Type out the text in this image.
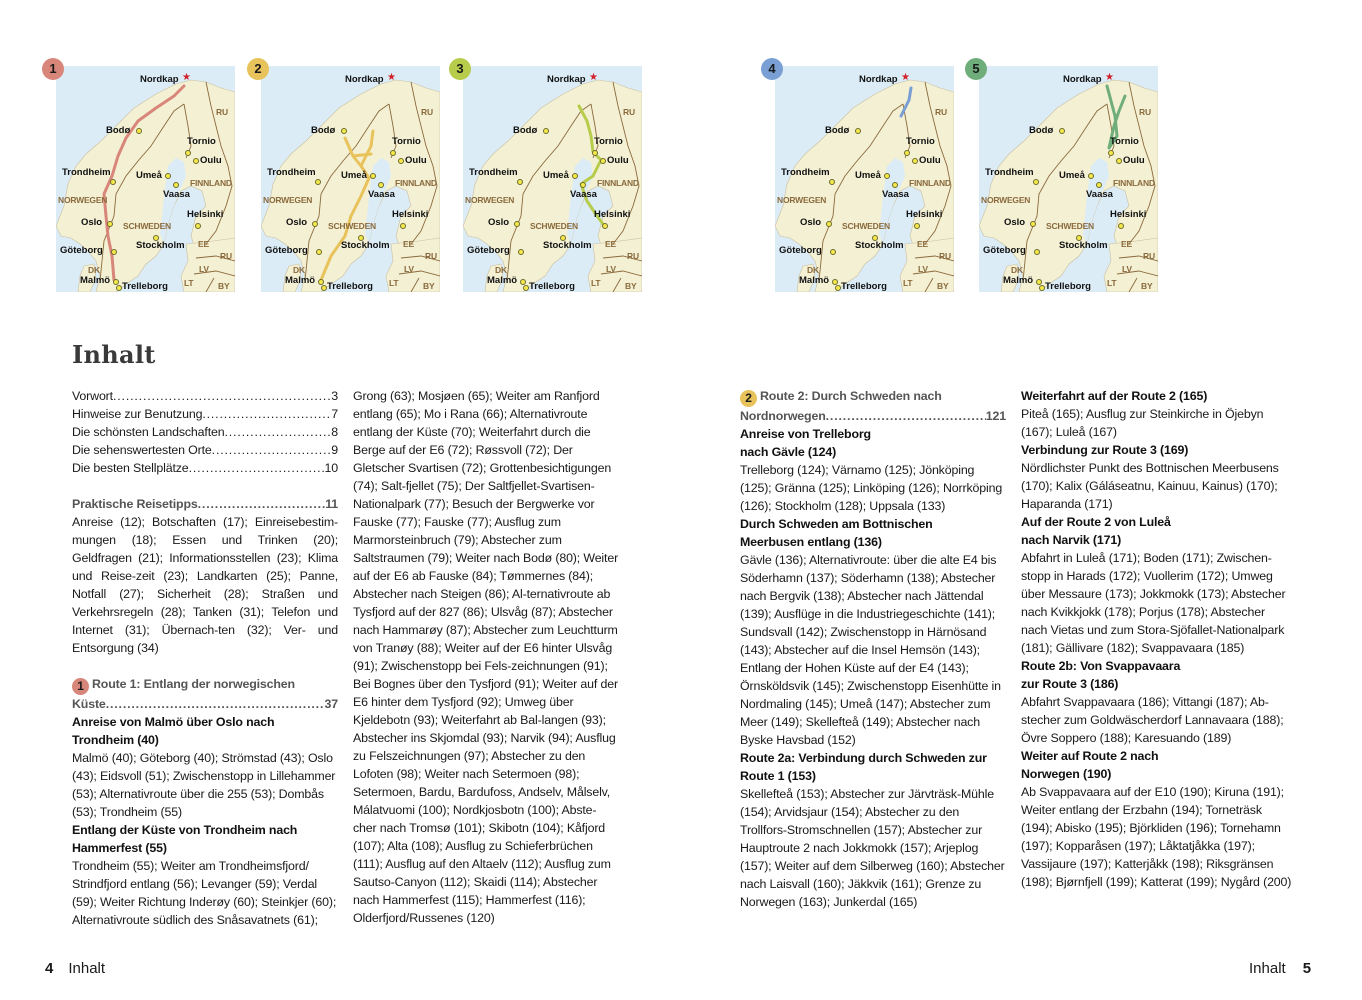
1
★
Nordkap
Bodø
Tornio
Oulu
Trondheim	Umeå
FINNLAND
Vaasa
NORWEGEN
Helsinki
Oslo SCHWEDEN
Stockholm EE
RU
RU
Göteborg
LV
DK
Malmö
Trelleborg LT	BY
2
★
Nordkap
Bodø
Tornio
Oulu
Trondheim	Umeå
FINNLAND
Vaasa
NORWEGEN
Helsinki
Oslo SCHWEDEN
Stockholm EE
RU
RU
Göteborg
LV
DK
Malmö
Trelleborg LT	BY
3
★
Nordkap
Bodø
Tornio
Oulu
Trondheim	Umeå
FINNLAND
Vaasa
NORWEGEN
Helsinki
Oslo SCHWEDEN
Stockholm EE
RU
RU
Göteborg
LV
DK
Malmö
Trelleborg LT	BY
4
★
Nordkap
Bodø
Tornio
Oulu
Trondheim	Umeå
FINNLAND
Vaasa
NORWEGEN
Helsinki
Oslo SCHWEDEN
Stockholm EE
RU
RU
Göteborg
LV
DK
Malmö
Trelleborg LT	BY
5
★
Nordkap
Bodø
Tornio
Oulu
Trondheim	Umeå
FINNLAND
Vaasa
NORWEGEN
Helsinki
Oslo SCHWEDEN
Stockholm EE
RU
RU
Göteborg
LV
DK
Malmö
Trelleborg LT	BY
Inhalt
Vorwort . . .	3
Hinweise zur Benutzung . . .	7
Die schönsten Landschaften . . .	8
Die sehenswertesten Orte . . .	9
Die besten Stellplätze . . .	10
Praktische Reisetipps . . .	11

Anreise (12); Botschaften (17); Einreisebestim-mungen (18); Essen und Trinken (20); Geldfragen (21); Informationsstellen (23); Klima und Reise-zeit (23); Landkarten (25); Panne, Notfall (27); Sicherheit (28); Straßen und Verkehrsregeln (28); Tanken (31); Telefon und Internet (31); Übernach-ten (32); Ver- und Entsorgung (34)

1 Route 1: Entlang der norwegischen
Küste . . .	37

Anreise von Malmö über Oslo nach Trondheim (40)

Malmö (40); Göteborg (40); Strömstad (43); Oslo (43); Eidsvoll (51); Zwischenstopp in Lillehammer (53); Alternativroute über die 255 (53); Dombås (53); Trondheim (55)

Entlang der Küste von Trondheim nach Hammerfest (55)

Trondheim (55); Weiter am Trondheimsfjord/ Strindfjord entlang (56); Levanger (59); Verdal (59); Weiter Richtung Inderøy (60); Steinkjer (60); Alternativroute südlich des Snåsavatnets (61);

Grong (63); Mosjøen (65); Weiter am Ranfjord entlang (65); Mo i Rana (66); Alternativroute entlang der Küste (70); Weiterfahrt durch die Berge auf der E6 (72); Røssvoll (72); Der Gletscher Svartisen (72); Grottenbesichtigungen (74); Salt-fjellet (75); Der Saltfjellet-Svartisen-Nationalpark (77); Besuch der Bergwerke vor Fauske (77); Fauske (77); Ausflug zum Marmorsteinbruch (79); Abstecher zum Saltstraumen (79); Weiter nach Bodø (80); Weiter auf der E6 ab Fauske (84); Tømmernes (84); Abstecher nach Steigen (86); Al-ternativroute ab Tysfjord auf der 827 (86); Ulsvåg (87); Abstecher nach Hammarøy (87); Abstecher zum Leuchtturm von Tranøy (88); Weiter auf der E6 hinter Ulsvåg (91); Zwischenstopp bei Fels-zeichnungen (91); Bei Bognes über den Tysfjord (91); Weiter auf der E6 hinter dem Tysfjord (92); Umweg über Kjeldebotn (93); Weiterfahrt ab Bal-langen (93); Abstecher ins Skjomdal (93); Narvik (94); Ausflug zu Felszeichnungen (97); Abstecher zu den Lofoten (98); Weiter nach Setermoen (98); Setermoen, Bardu, Bardufoss, Andselv, Målselv, Málatvuomi (100); Nordkjosbotn (100); Abste-cher nach Tromsø (101); Skibotn (104); Kåfjord (107); Alta (108); Ausflug zu Schieferbrüchen (111); Ausflug auf den Altaelv (112); Ausflug zum Sautso-Canyon (112); Skaidi (114); Abstecher nach Hammerfest (115); Hammerfest (116); Olderfjord/Russenes (120)

2 Route 2: Durch Schweden nach
Nordnorwegen . . .	121

Anreise von Trelleborg nach Gävle (124)

Trelleborg (124); Värnamo (125); Jönköping (125); Gränna (125); Linköping (126); Norrköping (126); Stockholm (128); Uppsala (133)

Durch Schweden am Bottnischen Meerbusen entlang (136)

Gävle (136); Alternativroute: über die alte E4 bis Söderhamn (137); Söderhamn (138); Abstecher nach Bergvik (138); Abstecher nach Jättendal (139); Ausflüge in die Industriegeschichte (141); Sundsvall (142); Zwischenstopp in Härnösand (143); Abstecher auf die Insel Hemsön (143); Entlang der Hohen Küste auf der E4 (143); Örnsköldsvik (145); Zwischenstopp Eisenhütte in Nordmaling (145); Umeå (147); Abstecher zum Meer (149); Skellefteå (149); Abstecher nach Byske Havsbad (152)

Route 2a: Verbindung durch Schweden zur Route 1 (153)

Skellefteå (153); Abstecher zur Järvträsk-Mühle (154); Arvidsjaur (154); Abstecher zu den Trollfors-Stromschnellen (157); Abstecher zur Hauptroute 2 nach Jokkmokk (157); Arjeplog (157); Weiter auf dem Silberweg (160); Abstecher nach Laisvall (160); Jäkkvik (161); Grenze zu Norwegen (163); Junkerdal (165)

Weiterfahrt auf der Route 2 (165)

Piteå (165); Ausflug zur Steinkirche in Öjebyn (167); Luleå (167)

Verbindung zur Route 3 (169)

Nördlichster Punkt des Bottnischen Meerbusens (170); Kalix (Gáláseatnu, Kainuu, Kainus) (170); Haparanda (171)

Auf der Route 2 von Luleå nach Narvik (171)

Abfahrt in Luleå (171); Boden (171); Zwischen-stopp in Harads (172); Vuollerim (172); Umweg über Messaure (173); Jokkmokk (173); Abstecher nach Kvikkjokk (178); Porjus (178); Abstecher nach Vietas und zum Stora-Sjöfallet-Nationalpark (181); Gällivare (182); Svappavaara (185)

Route 2b: Von Svappavaara zur Route 3 (186)

Abfahrt Svappavaara (186); Vittangi (187); Ab-stecher zum Goldwäscherdorf Lannavaara (188); Övre Soppero (188); Karesuando (189)

Weiter auf Route 2 nach Norwegen (190)

Ab Svappavaara auf der E10 (190); Kiruna (191); Weiter entlang der Erzbahn (194); Torneträsk (194); Abisko (195); Björkliden (196); Tornehamn (197); Kopparåsen (197); Låktatjåkka (197); Vassijaure (197); Katterjåkk (198); Riksgränsen (198); Bjørnfjell (199); Katterat (199); Nygård (200)

4 Inhalt	Inhalt 5
